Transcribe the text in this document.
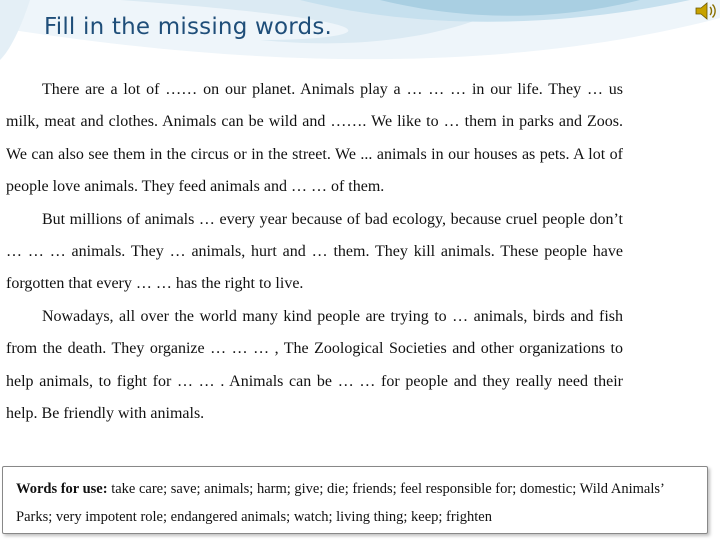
Fill in the missing words.

There are a lot of …… on our planet. Animals play a … … … in our life. They … us milk, meat and clothes. Animals can be wild and ……. We like to … them in parks and Zoos. We can also see them in the circus or in the street. We ... animals in our houses as pets. A lot of people love animals. They feed animals and … … of them.

But millions of animals … every year because of bad ecology, because cruel people don’t … … … animals. They … animals, hurt and … them. They kill animals. These people have forgotten that every … … has the right to live.

Nowadays, all over the world many kind people are trying to … animals, birds and fish from the death. They organize … … … , The Zoological Societies and other organizations to help animals, to fight for … … . Animals can be … … for people and they really need their help. Be friendly with animals.

Words for use: take care; save; animals; harm; give; die; friends; feel responsible for; domestic; Wild Animals’ Parks; very impotent role; endangered animals; watch; living thing; keep; frighten
